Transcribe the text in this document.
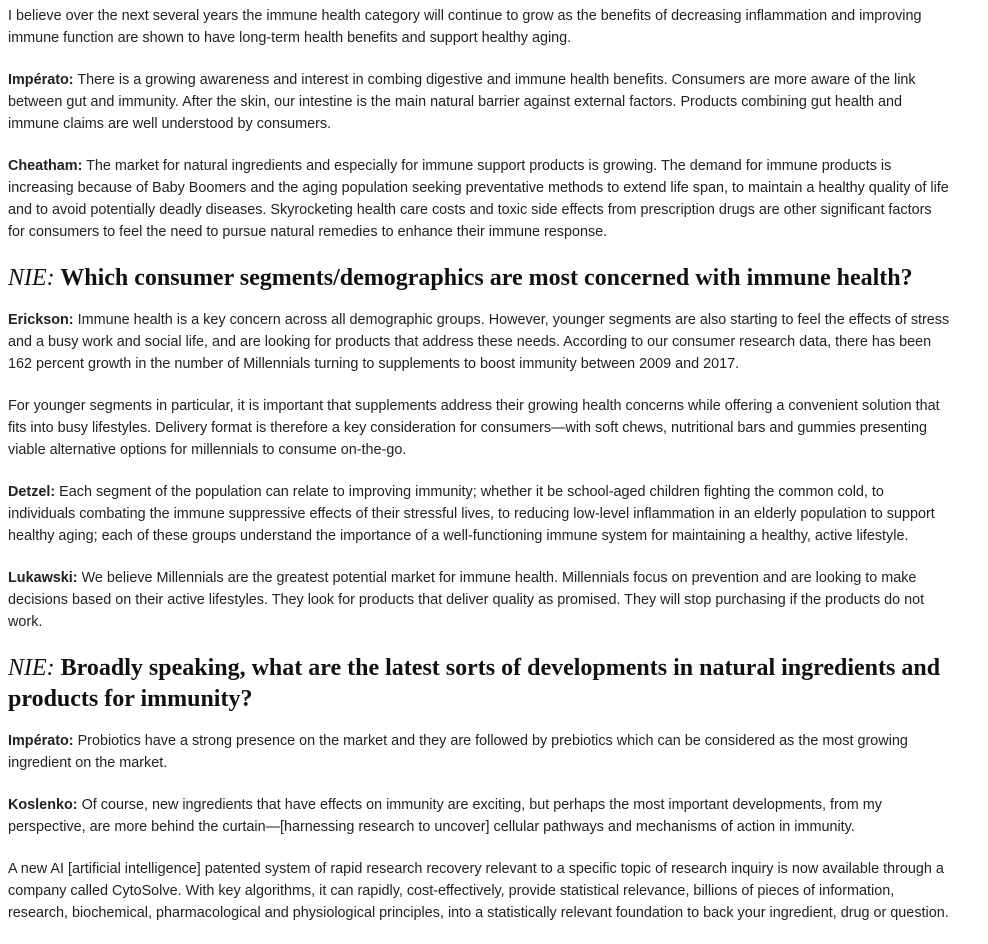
I believe over the next several years the immune health category will continue to grow as the benefits of decreasing inflammation and improving immune function are shown to have long-term health benefits and support healthy aging.

Impérato: There is a growing awareness and interest in combing digestive and immune health benefits. Consumers are more aware of the link between gut and immunity. After the skin, our intestine is the main natural barrier against external factors. Products combining gut health and immune claims are well understood by consumers.

Cheatham: The market for natural ingredients and especially for immune support products is growing. The demand for immune products is increasing because of Baby Boomers and the aging population seeking preventative methods to extend life span, to maintain a healthy quality of life and to avoid potentially deadly diseases. Skyrocketing health care costs and toxic side effects from prescription drugs are other significant factors for consumers to feel the need to pursue natural remedies to enhance their immune response.

NIE: Which consumer segments/demographics are most concerned with immune health?

Erickson: Immune health is a key concern across all demographic groups. However, younger segments are also starting to feel the effects of stress and a busy work and social life, and are looking for products that address these needs. According to our consumer research data, there has been 162 percent growth in the number of Millennials turning to supplements to boost immunity between 2009 and 2017.

For younger segments in particular, it is important that supplements address their growing health concerns while offering a convenient solution that fits into busy lifestyles. Delivery format is therefore a key consideration for consumers—with soft chews, nutritional bars and gummies presenting viable alternative options for millennials to consume on-the-go.

Detzel: Each segment of the population can relate to improving immunity; whether it be school-aged children fighting the common cold, to individuals combating the immune suppressive effects of their stressful lives, to reducing low-level inflammation in an elderly population to support healthy aging; each of these groups understand the importance of a well-functioning immune system for maintaining a healthy, active lifestyle.

Lukawski: We believe Millennials are the greatest potential market for immune health. Millennials focus on prevention and are looking to make decisions based on their active lifestyles. They look for products that deliver quality as promised. They will stop purchasing if the products do not work.

NIE: Broadly speaking, what are the latest sorts of developments in natural ingredients and products for immunity?

Impérato: Probiotics have a strong presence on the market and they are followed by prebiotics which can be considered as the most growing ingredient on the market.

Koslenko: Of course, new ingredients that have effects on immunity are exciting, but perhaps the most important developments, from my perspective, are more behind the curtain—[harnessing research to uncover] cellular pathways and mechanisms of action in immunity.

A new AI [artificial intelligence] patented system of rapid research recovery relevant to a specific topic of research inquiry is now available through a company called CytoSolve. With key algorithms, it can rapidly, cost-effectively, provide statistical relevance, billions of pieces of information, research, biochemical, pharmacological and physiological principles, into a statistically relevant foundation to back your ingredient, drug or question.
